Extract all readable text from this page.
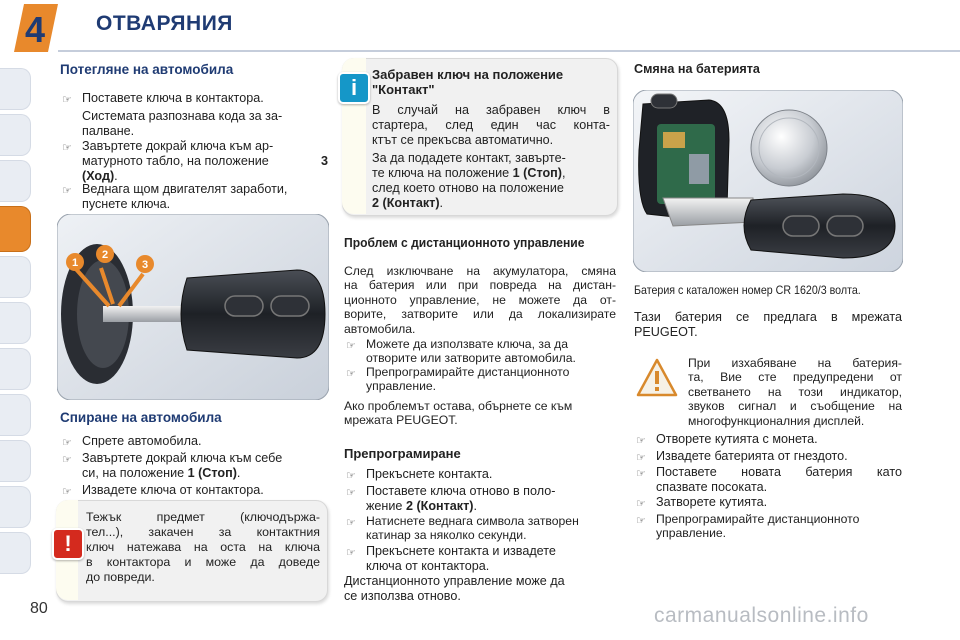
4 ОТВАРЯНИЯ
Потегляне на автомобила
☞ Поставете ключа в контактора.
Системата разпознава кода за за-
палване.
☞ Завъртете докрай ключа към ар-
матурното табло, на положение	3
(Ход).
☞ Веднага щом двигателят заработи,
пуснете ключа.
1
2
3
Спиране на автомобила
☞ Спрете автомобила.
☞ Завъртете докрай ключа към себе
си, на положение 1 (Стоп).
☞ Извадете ключа от контактора.
!
Тежък предмет (ключодържа-
тел...), закачен за контактния
ключ натежава на оста на ключа
в контактора и може да доведе
до повреди.
i
Забравен ключ на положение
"Контакт"
В случай на забравен ключ в
стартера, след един час конта-
ктът се прекъсва автоматично.
За да подадете контакт, завъртe-
те ключа на положение 1 (Стоп),
след което отново на положение
2 (Контакт).
Проблем с дистанционното управление
След изключване на акумулатора, смяна
на батерия или при повреда на дистан-
ционното управление, не можете да от-
ворите, затворите или да локализирате
автомобила.
☞ Можете да използвате ключа, за да
отворите или затворите автомобила.
☞ Препрограмирайте дистанционното
управление.
Ако проблемът остава, обърнете се към
мрежата PEUGEOT.
Препрограмиране
☞ Прекъснете контакта.
☞ Поставете ключа отново в поло-
жение 2 (Контакт).
☞ Натиснете веднага символа затворен
катинар за няколко секунди.
☞ Прекъснете контакта и извадете
ключа от контактора.
Дистанционното управление може да
се използва отново.
Смяна на батерията
Батерия с каталожен номер CR 1620/3 волта.
Тази батерия се предлага в мрежата
PEUGEOT.
При изхабяване на батерия-
та, Вие сте предупредени от
светването на този индикатор,
звуков сигнал и съобщение на
многофункционалния дисплей.
☞ Отворете кутията с монета.
☞ Извадете батерията от гнездото.
☞ Поставете новата батерия като
спазвате посоката.
☞ Затворете кутията.
☞ Препрограмирайте дистанционното
управление.
80	carmanualsonline.info
